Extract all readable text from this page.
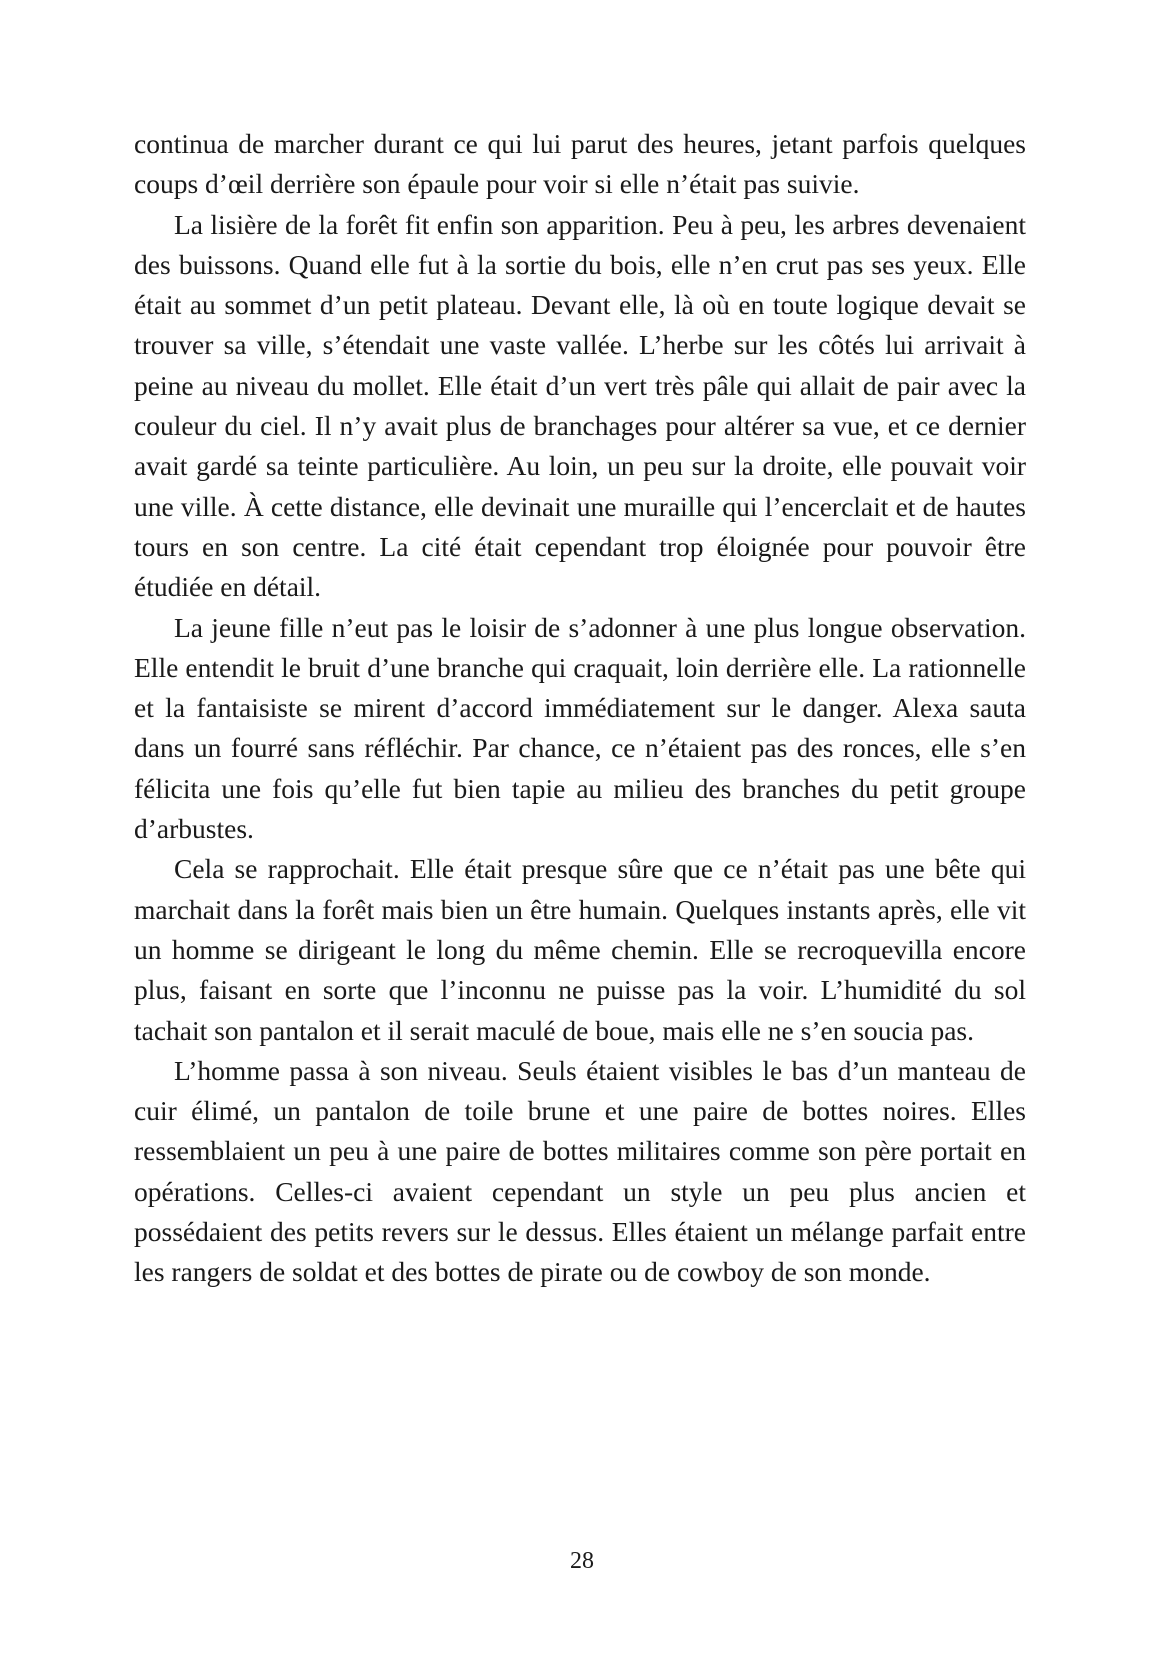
continua de marcher durant ce qui lui parut des heures, jetant parfois quelques coups d’œil derrière son épaule pour voir si elle n’était pas suivie.

La lisière de la forêt fit enfin son apparition. Peu à peu, les arbres devenaient des buissons. Quand elle fut à la sortie du bois, elle n’en crut pas ses yeux. Elle était au sommet d’un petit plateau. Devant elle, là où en toute logique devait se trouver sa ville, s’étendait une vaste vallée. L’herbe sur les côtés lui arrivait à peine au niveau du mollet. Elle était d’un vert très pâle qui allait de pair avec la couleur du ciel. Il n’y avait plus de branchages pour altérer sa vue, et ce dernier avait gardé sa teinte particulière. Au loin, un peu sur la droite, elle pouvait voir une ville. À cette distance, elle devinait une muraille qui l’encerclait et de hautes tours en son centre. La cité était cependant trop éloignée pour pouvoir être étudiée en détail.

La jeune fille n’eut pas le loisir de s’adonner à une plus longue observation. Elle entendit le bruit d’une branche qui craquait, loin derrière elle. La rationnelle et la fantaisiste se mirent d’accord immédiatement sur le danger. Alexa sauta dans un fourré sans réfléchir. Par chance, ce n’étaient pas des ronces, elle s’en félicita une fois qu’elle fut bien tapie au milieu des branches du petit groupe d’arbustes.

Cela se rapprochait. Elle était presque sûre que ce n’était pas une bête qui marchait dans la forêt mais bien un être humain. Quelques instants après, elle vit un homme se dirigeant le long du même chemin. Elle se recroquevilla encore plus, faisant en sorte que l’inconnu ne puisse pas la voir. L’humidité du sol tachait son pantalon et il serait maculé de boue, mais elle ne s’en soucia pas.

L’homme passa à son niveau. Seuls étaient visibles le bas d’un manteau de cuir élimé, un pantalon de toile brune et une paire de bottes noires. Elles ressemblaient un peu à une paire de bottes militaires comme son père portait en opérations. Celles-ci avaient cependant un style un peu plus ancien et possédaient des petits revers sur le dessus. Elles étaient un mélange parfait entre les rangers de soldat et des bottes de pirate ou de cowboy de son monde.

28
